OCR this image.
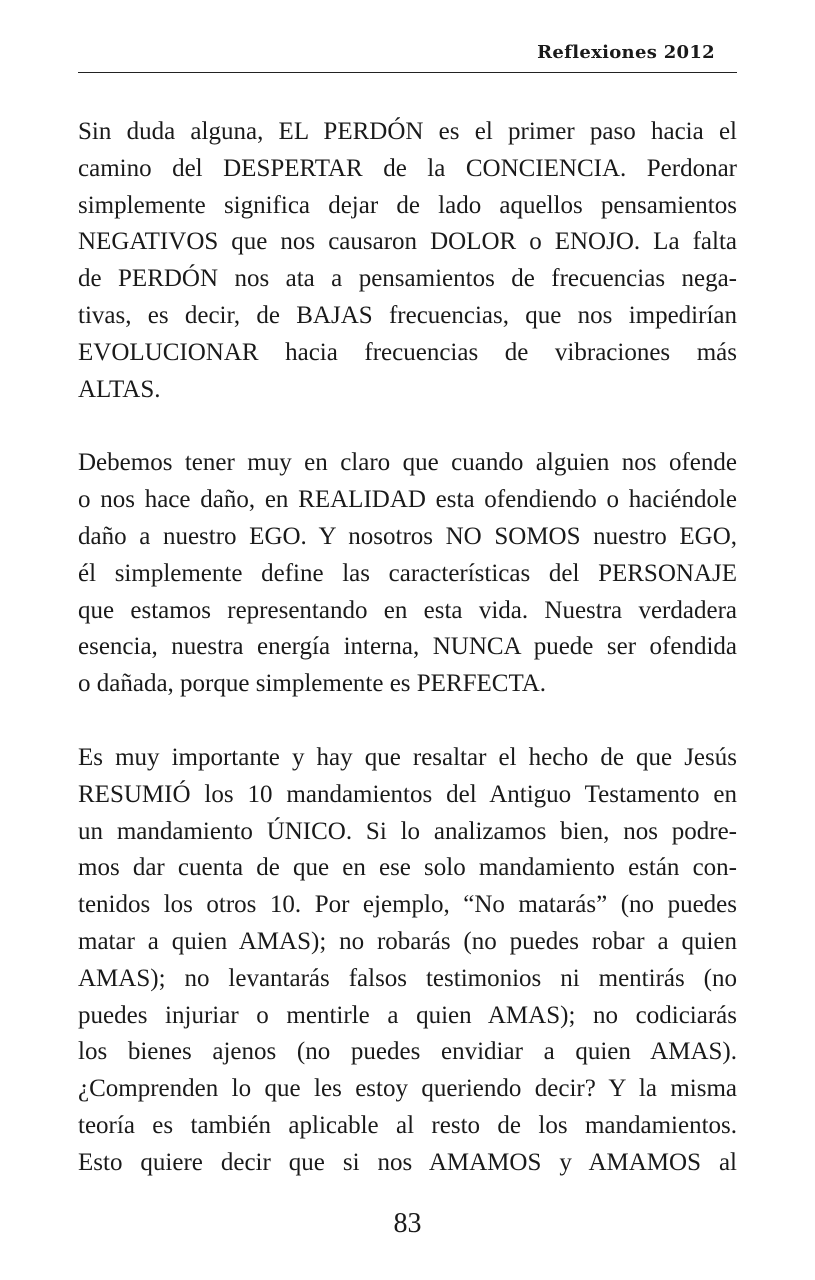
Reflexiones 2012

Sin duda alguna, EL PERDÓN es el primer paso hacia el
camino del DESPERTAR de la CONCIENCIA. Perdonar
simplemente significa dejar de lado aquellos pensamientos
NEGATIVOS que nos causaron DOLOR o ENOJO. La falta
de PERDÓN nos ata a pensamientos de frecuencias nega-
tivas, es decir, de BAJAS frecuencias, que nos impedirían
EVOLUCIONAR hacia frecuencias de vibraciones más
ALTAS.

Debemos tener muy en claro que cuando alguien nos ofende
o nos hace daño, en REALIDAD esta ofendiendo o haciéndole
daño a nuestro EGO. Y nosotros NO SOMOS nuestro EGO,
él simplemente define las características del PERSONAJE
que estamos representando en esta vida. Nuestra verdadera
esencia, nuestra energía interna, NUNCA puede ser ofendida
o dañada, porque simplemente es PERFECTA.

Es muy importante y hay que resaltar el hecho de que Jesús
RESUMIÓ los 10 mandamientos del Antiguo Testamento en
un mandamiento ÚNICO. Si lo analizamos bien, nos podre-
mos dar cuenta de que en ese solo mandamiento están con-
tenidos los otros 10. Por ejemplo, “No matarás” (no puedes
matar a quien AMAS); no robarás (no puedes robar a quien
AMAS); no levantarás falsos testimonios ni mentirás (no
puedes injuriar o mentirle a quien AMAS); no codiciarás
los bienes ajenos (no puedes envidiar a quien AMAS).
¿Comprenden lo que les estoy queriendo decir? Y la misma
teoría es también aplicable al resto de los mandamientos.
Esto quiere decir que si nos AMAMOS y AMAMOS al

83
